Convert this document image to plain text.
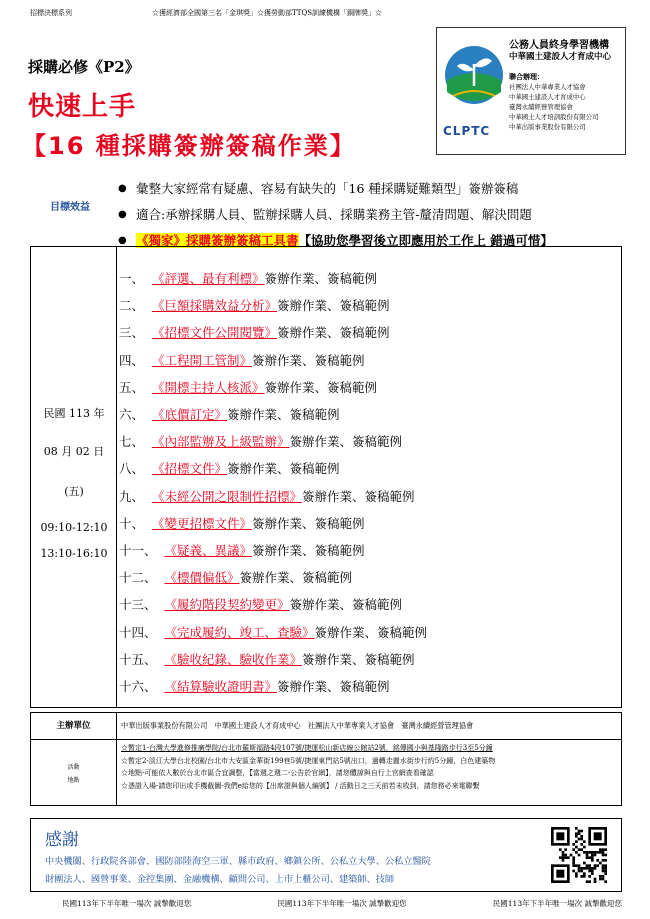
招標決標系列	☆獲經濟部全國第三名「金琪獎」☆獲勞動部TTQS訓練機構「銅牌獎」☆
採購必修《P2》
快速上手
【16 種採購簽辦簽稿作業】
CLPTC
公務人員終身學習機構
中華國土建設人才育成中心
聯合辦理：
社團法人中華專業人才協會
中華國土建設人才育成中心
臺灣永續經營管理協會
中華國土人才培訓股份有限公司
中華出版事業股份有限公司
目標效益
● 彙整大家經常有疑慮、容易有缺失的「16 種採購疑難類型」簽辦簽稿
● 適合:承辦採購人員、監辦採購人員、採購業務主管-釐清問題、解決問題
● 《獨家》採購簽辦簽稿工具書【協助您學習後立即應用於工作上 錯過可惜】
民國 113 年
08 月 02 日
(五)
09:10-12:10
13:10-16:10
一、 《評選、最有利標》簽辦作業、簽稿範例
二、 《巨額採購效益分析》簽辦作業、簽稿範例
三、 《招標文件公開閱覽》簽辦作業、簽稿範例
四、 《工程開工管制》簽辦作業、簽稿範例
五、 《開標主持人核派》簽辦作業、簽稿範例
六、 《底價訂定》簽辦作業、簽稿範例
七、 《內部監辦及上級監辦》簽辦作業、簽稿範例
八、 《招標文件》簽辦作業、簽稿範例
九、 《未經公開之限制性招標》簽辦作業、簽稿範例
十、 《變更招標文件》簽辦作業、簽稿範例
十一、 《疑義、異議》簽辦作業、簽稿範例
十二、 《標價偏低》簽辦作業、簽稿範例
十三、 《履約階段契約變更》簽辦作業、簽稿範例
十四、 《完成履約、竣工、查驗》簽辦作業、簽稿範例
十五、 《驗收紀錄、驗收作業》簽辦作業、簽稿範例
十六、 《結算驗收證明書》簽辦作業、簽稿範例
主辦單位	中華出版事業股份有限公司　中華國土建設人才育成中心　社團法人中華專業人才協會　臺灣永續經營管理協會
活動
地點
☆暫定1-台灣大學進修推廣學院/台北市羅斯福路4段107號/捷運松山新店線公館站2號，銘傳國小與基隆路步行3至5分鐘
☆暫定2-淡江大學台北校園/台北市大安區金華街199巷5號/捷運東門站5號出口，過轉走麗水街步行約5分鐘，白色建築物
☆地點-可能依人數於台北市區合宜調整，【當週之週二-公告於官網】，請您體諒與自行上官網查看確認
☆憑證入場-請您印出或手機截圖-我們e給您的【出席證與個人編號】 / 活動日之三天前若未收到，請您務必來電聯繫
感謝
中央機關、行政院各部會、國防部陸海空三軍、縣市政府、鄉鎮公所、公私立大學、公私立醫院
財團法人、國營事業、金控集團、金融機構、顧問公司、上市上櫃公司、建築師、技師
民國113年下半年唯一場次 誠摯歡迎您	民國113年下半年唯一場次 誠摯歡迎您	民國113年下半年唯一場次 誠摯歡迎您
